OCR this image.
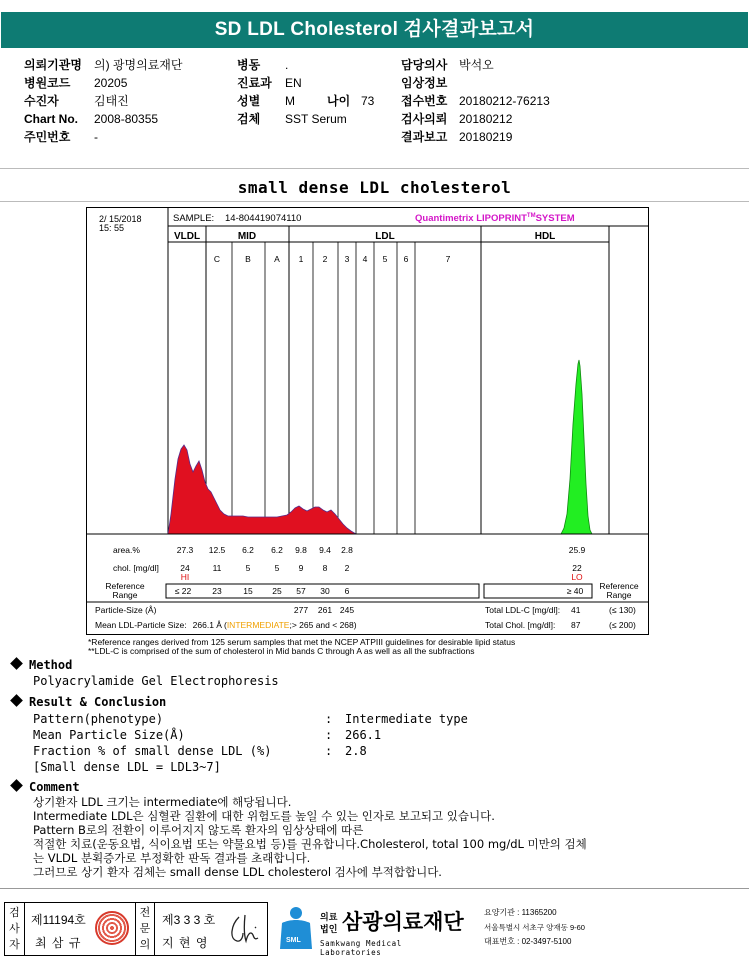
SD LDL Cholesterol 검사결과보고서
의뢰기관명 의) 광명의료재단
병원코드 20205
수진자	김태진
Chart No. 2008-80355
주민번호 -
병동 .
진료과 EN
성별 M	나이 73
검체 SST Serum
담당의사 박석오
임상정보
접수번호 20180212-76213
검사의뢰 20180212
결과보고 20180219
small dense LDL cholesterol
2/ 15/2018
15: 55
SAMPLE: 14-804419074110	Quantimetrix LIPOPRINT™SYSTEM
VLDL	MID	LDL	HDL
C	B	A 1 2 3 4 5 6	7
area.%	27.3 12.5 6.2 6.2 9.8 9.4 2.8	25.9
chol. [mg/dl]	24	11	5	5 9 8 2	22
HI	LO
Reference
Range
Reference
Range
≤ 22 23	15 25 57 30 6	≥ 40
Particle-Size (Å)	277 261 245	Total LDL-C [mg/dl]: 41	(≤ 130)
Mean LDL-Particle Size: 266.1 Å (INTERMEDIATE;> 265 and < 268)	Total Chol. [mg/dl]: 87	(≤ 200)
*Reference ranges derived from 125 serum samples that met the NCEP ATPIII guidelines for desirable lipid status
**LDL-C is comprised of the sum of cholesterol in Mid bands C through A as well as all the subfractions
Method
Polyacrylamide Gel Electrophoresis
Result & Conclusion
Pattern(phenotype)	: Intermediate type
Mean Particle Size(Å)	: 266.1
Fraction % of small dense LDL (%)	: 2.8
[Small dense LDL = LDL3~7]
Comment
상기환자 LDL 크기는 intermediate에 해당됩니다.
Intermediate LDL은 심혈관 질환에 대한 위험도를 높일 수 있는 인자로 보고되고 있습니다.
Pattern B로의 전환이 이루어지지 않도록 환자의 임상상태에 따른
적절한 치료(운동요법, 식이요법 또는 약물요법 등)를 권유합니다.Cholesterol, total 100 mg/dL 미만의 검체
는 VLDL 분획증가로 부정확한 판독 결과를 초래합니다.
그러므로 상기 환자 검체는 small dense LDL cholesterol 검사에 부적합합니다.
검
사
자
제11194호
최 삼 규
전
문
의
제3 3 3 호
지 현 영	SML
의료
법인 삼광의료재단
Samkwang Medical Laboratories
요양기관 : 11365200
서울특별시 서초구 양재동 9-60
대표번호 : 02-3497-5100
